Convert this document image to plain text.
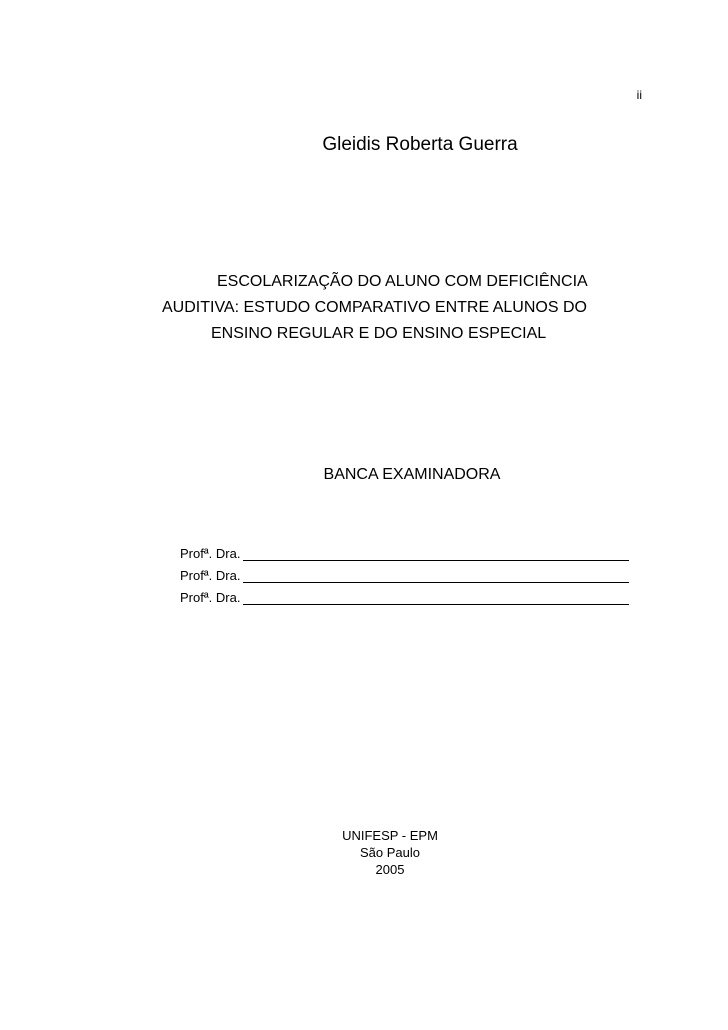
ii
Gleidis Roberta Guerra
ESCOLARIZAÇÃO DO ALUNO COM DEFICIÊNCIA
AUDITIVA: ESTUDO COMPARATIVO ENTRE ALUNOS DO
ENSINO REGULAR E DO ENSINO ESPECIAL
BANCA EXAMINADORA
Profª. Dra.
Profª. Dra.
Profª. Dra.
UNIFESP - EPM
São Paulo
2005
